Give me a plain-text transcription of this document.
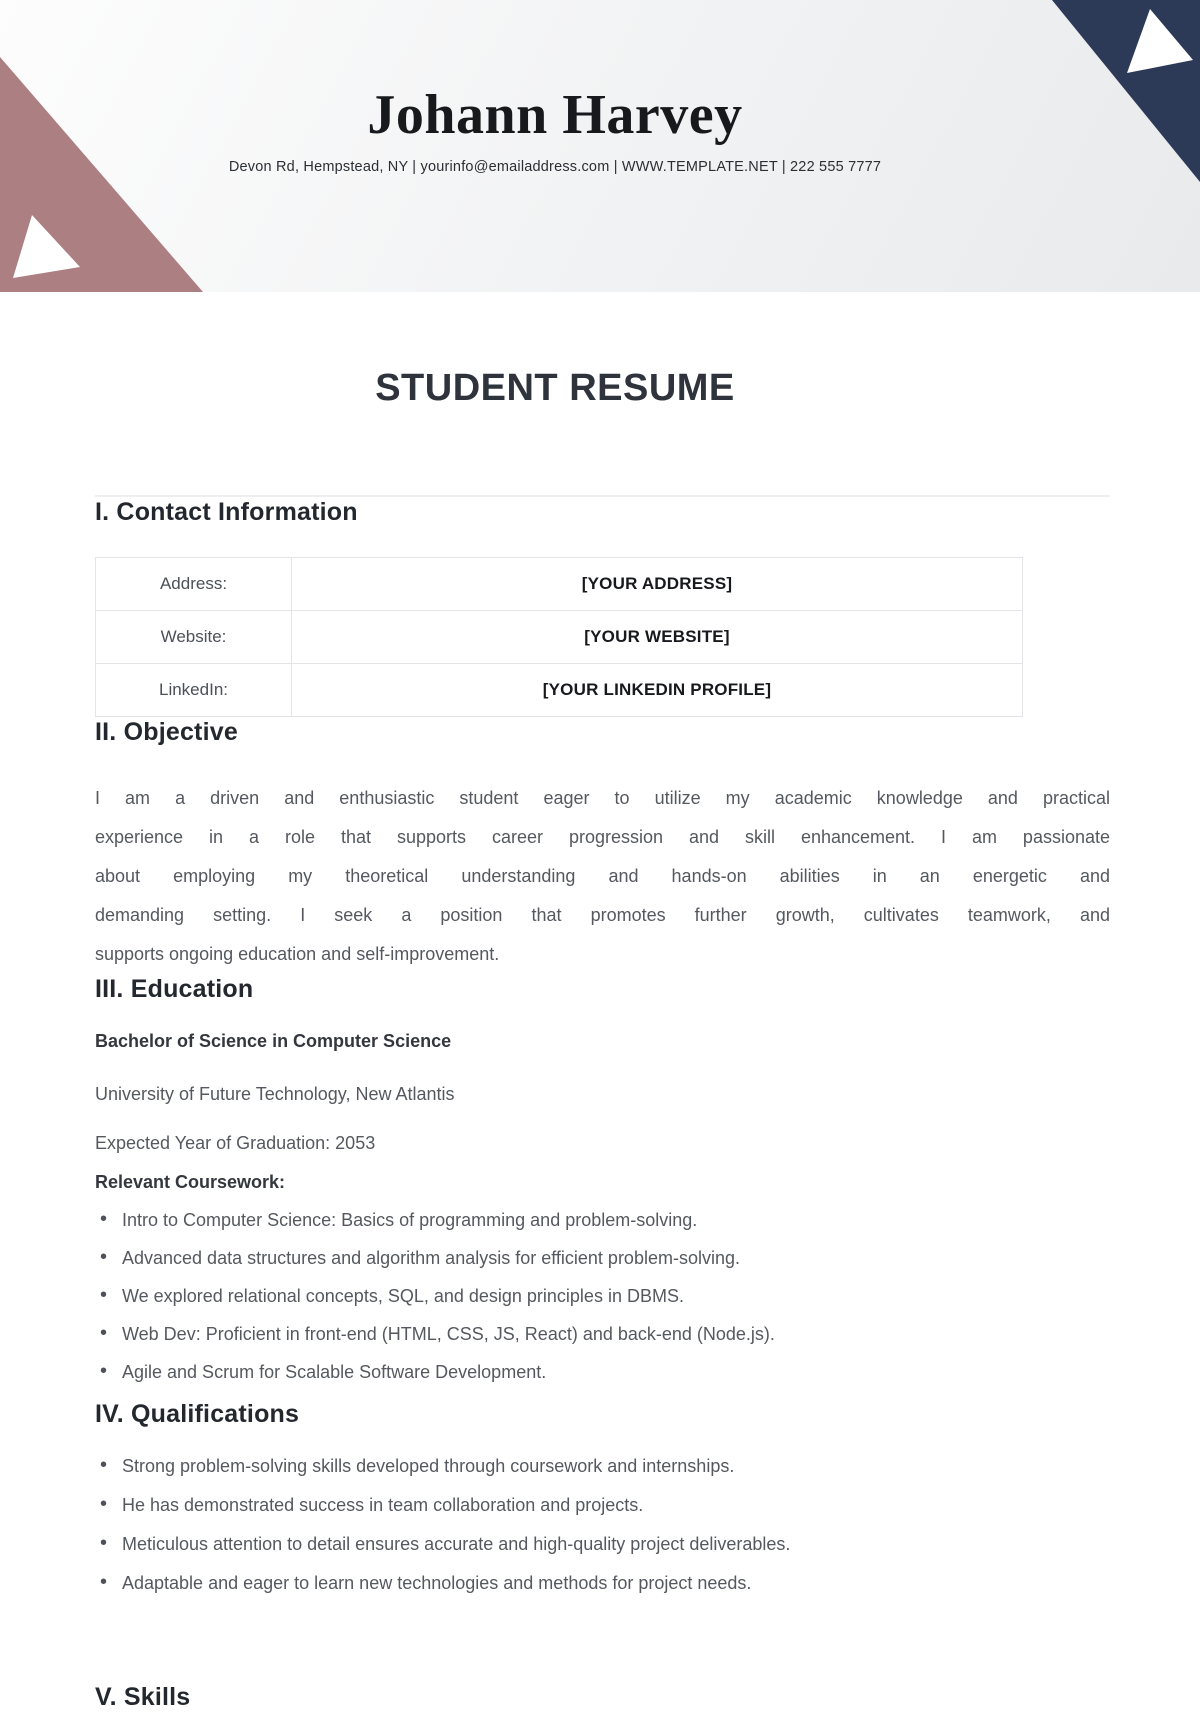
Johann Harvey
Devon Rd, Hempstead, NY | yourinfo@emailaddress.com | WWW.TEMPLATE.NET | 222 555 7777
STUDENT RESUME
I. Contact Information
Address:	[YOUR ADDRESS]
Website:	[YOUR WEBSITE]
LinkedIn:	[YOUR LINKEDIN PROFILE]
II. Objective
I am a driven and enthusiastic student eager to utilize my academic knowledge and practical
experience in a role that supports career progression and skill enhancement. I am passionate
about employing my theoretical understanding and hands-on abilities in an energetic and
demanding setting. I seek a position that promotes further growth, cultivates teamwork, and
supports ongoing education and self-improvement.
III. Education
Bachelor of Science in Computer Science
University of Future Technology, New Atlantis
Expected Year of Graduation: 2053
Relevant Coursework:
• Intro to Computer Science: Basics of programming and problem-solving.
• Advanced data structures and algorithm analysis for efficient problem-solving.
• We explored relational concepts, SQL, and design principles in DBMS.
• Web Dev: Proficient in front-end (HTML, CSS, JS, React) and back-end (Node.js).
• Agile and Scrum for Scalable Software Development.
IV. Qualifications
• Strong problem-solving skills developed through coursework and internships.
• He has demonstrated success in team collaboration and projects.
• Meticulous attention to detail ensures accurate and high-quality project deliverables.
• Adaptable and eager to learn new technologies and methods for project needs.
V. Skills
